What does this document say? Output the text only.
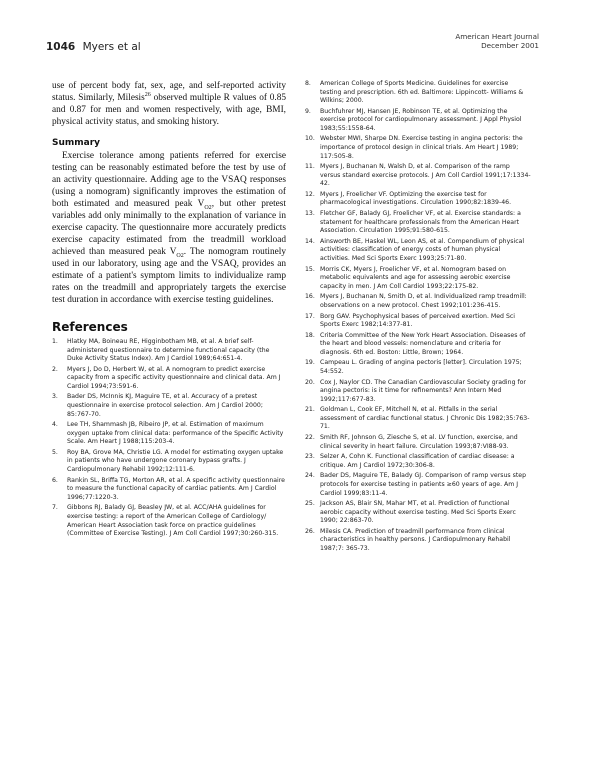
1046 Myers et al
American Heart Journal
December 2001

use of percent body fat, sex, age, and self-reported activity status. Similarly, Milesis$^{26}$ observed multiple R values of 0.85 and 0.87 for men and women respectively, with age, BMI, physical activity status, and smoking history.

Summary

Exercise tolerance among patients referred for exercise testing can be reasonably estimated before the test by use of an activity questionnaire. Adding age to the VSAQ responses (using a nomogram) significantly improves the estimation of both estimated and measured peak $V_{O2}$, but other pretest variables add only minimally to the explanation of variance in exercise capacity. The questionnaire more accurately predicts exercise capacity estimated from the treadmill workload achieved than measured peak $V_{O2}$. The nomogram routinely used in our laboratory, using age and the VSAQ, provides an estimate of a patient's symptom limits to individualize ramp rates on the treadmill and appropriately targets the exercise test duration in accordance with exercise testing guidelines.

References
1. Hlatky MA, Boineau RE, Higginbotham MB, et al. A brief self-administered questionnaire to determine functional capacity (the Duke Activity Status Index). Am J Cardiol 1989;64:651-4.
2. Myers J, Do D, Herbert W, et al. A nomogram to predict exercise capacity from a specific activity questionnaire and clinical data. Am J Cardiol 1994;73:591-6.
3. Bader DS, McInnis KJ, Maguire TE, et al. Accuracy of a pretest questionnaire in exercise protocol selection. Am J Cardiol 2000; 85:767-70.
4. Lee TH, Shammash JB, Ribeiro JP, et al. Estimation of maximum oxygen uptake from clinical data: performance of the Specific Activity Scale. Am Heart J 1988;115:203-4.
5. Roy BA, Grove MA, Christie LG. A model for estimating oxygen uptake in patients who have undergone coronary bypass grafts. J Cardiopulmonary Rehabil 1992;12:111-6.
6. Rankin SL, Briffa TG, Morton AR, et al. A specific activity questionnaire to measure the functional capacity of cardiac patients. Am J Cardiol 1996;77:1220-3.
7. Gibbons RJ, Balady GJ, Beasley JW, et al. ACC/AHA guidelines for exercise testing: a report of the American College of Cardiology/ American Heart Association task force on practice guidelines (Committee of Exercise Testing). J Am Coll Cardiol 1997;30:260-315.
8. American College of Sports Medicine. Guidelines for exercise testing and prescription. 6th ed. Baltimore: Lippincott- Williams & Wilkins; 2000.
9. Buchfuhrer MJ, Hansen JE, Robinson TE, et al. Optimizing the exercise protocol for cardiopulmonary assessment. J Appl Physiol 1983;55:1558-64.
10. Webster MWI, Sharpe DN. Exercise testing in angina pectoris: the importance of protocol design in clinical trials. Am Heart J 1989; 117:505-8.
11. Myers J, Buchanan N, Walsh D, et al. Comparison of the ramp versus standard exercise protocols. J Am Coll Cardiol 1991;17:1334-42.
12. Myers J, Froelicher VF. Optimizing the exercise test for pharmacological investigations. Circulation 1990;82:1839-46.
13. Fletcher GF, Balady GJ, Froelicher VF, et al. Exercise standards: a statement for healthcare professionals from the American Heart Association. Circulation 1995;91:580-615.
14. Ainsworth BE, Haskel WL, Leon AS, et al. Compendium of physical activities: classification of energy costs of human physical activities. Med Sci Sports Exerc 1993;25:71-80.
15. Morris CK, Myers J, Froelicher VF, et al. Nomogram based on metabolic equivalents and age for assessing aerobic exercise capacity in men. J Am Coll Cardiol 1993;22:175-82.
16. Myers J, Buchanan N, Smith D, et al. Individualized ramp treadmill: observations on a new protocol. Chest 1992;101:236-415.
17. Borg GAV. Psychophysical bases of perceived exertion. Med Sci Sports Exerc 1982;14:377-81.
18. Criteria Committee of the New York Heart Association. Diseases of the heart and blood vessels: nomenclature and criteria for diagnosis. 6th ed. Boston: Little, Brown; 1964.
19. Campeau L. Grading of angina pectoris [letter]. Circulation 1975; 54:552.
20. Cox J, Naylor CD. The Canadian Cardiovascular Society grading for angina pectoris: is it time for refinements? Ann Intern Med 1992;117:677-83.
21. Goldman L, Cook EF, Mitchell N, et al. Pitfalls in the serial assessment of cardiac functional status. J Chronic Dis 1982;35:763-71.
22. Smith RF, Johnson G, Ziesche S, et al. LV function, exercise, and clinical severity in heart failure. Circulation 1993;87:VI88-93.
23. Selzer A, Cohn K. Functional classification of cardiac disease: a critique. Am J Cardiol 1972;30:306-8.
24. Bader DS, Maguire TE, Balady GJ. Comparison of ramp versus step protocols for exercise testing in patients ≥60 years of age. Am J Cardiol 1999;83:11-4.
25. Jackson AS, Blair SN, Mahar MT, et al. Prediction of functional aerobic capacity without exercise testing. Med Sci Sports Exerc 1990; 22:863-70.
26. Milesis CA. Prediction of treadmill performance from clinical characteristics in healthy persons. J Cardiopulmonary Rehabil 1987;7: 365-73.
